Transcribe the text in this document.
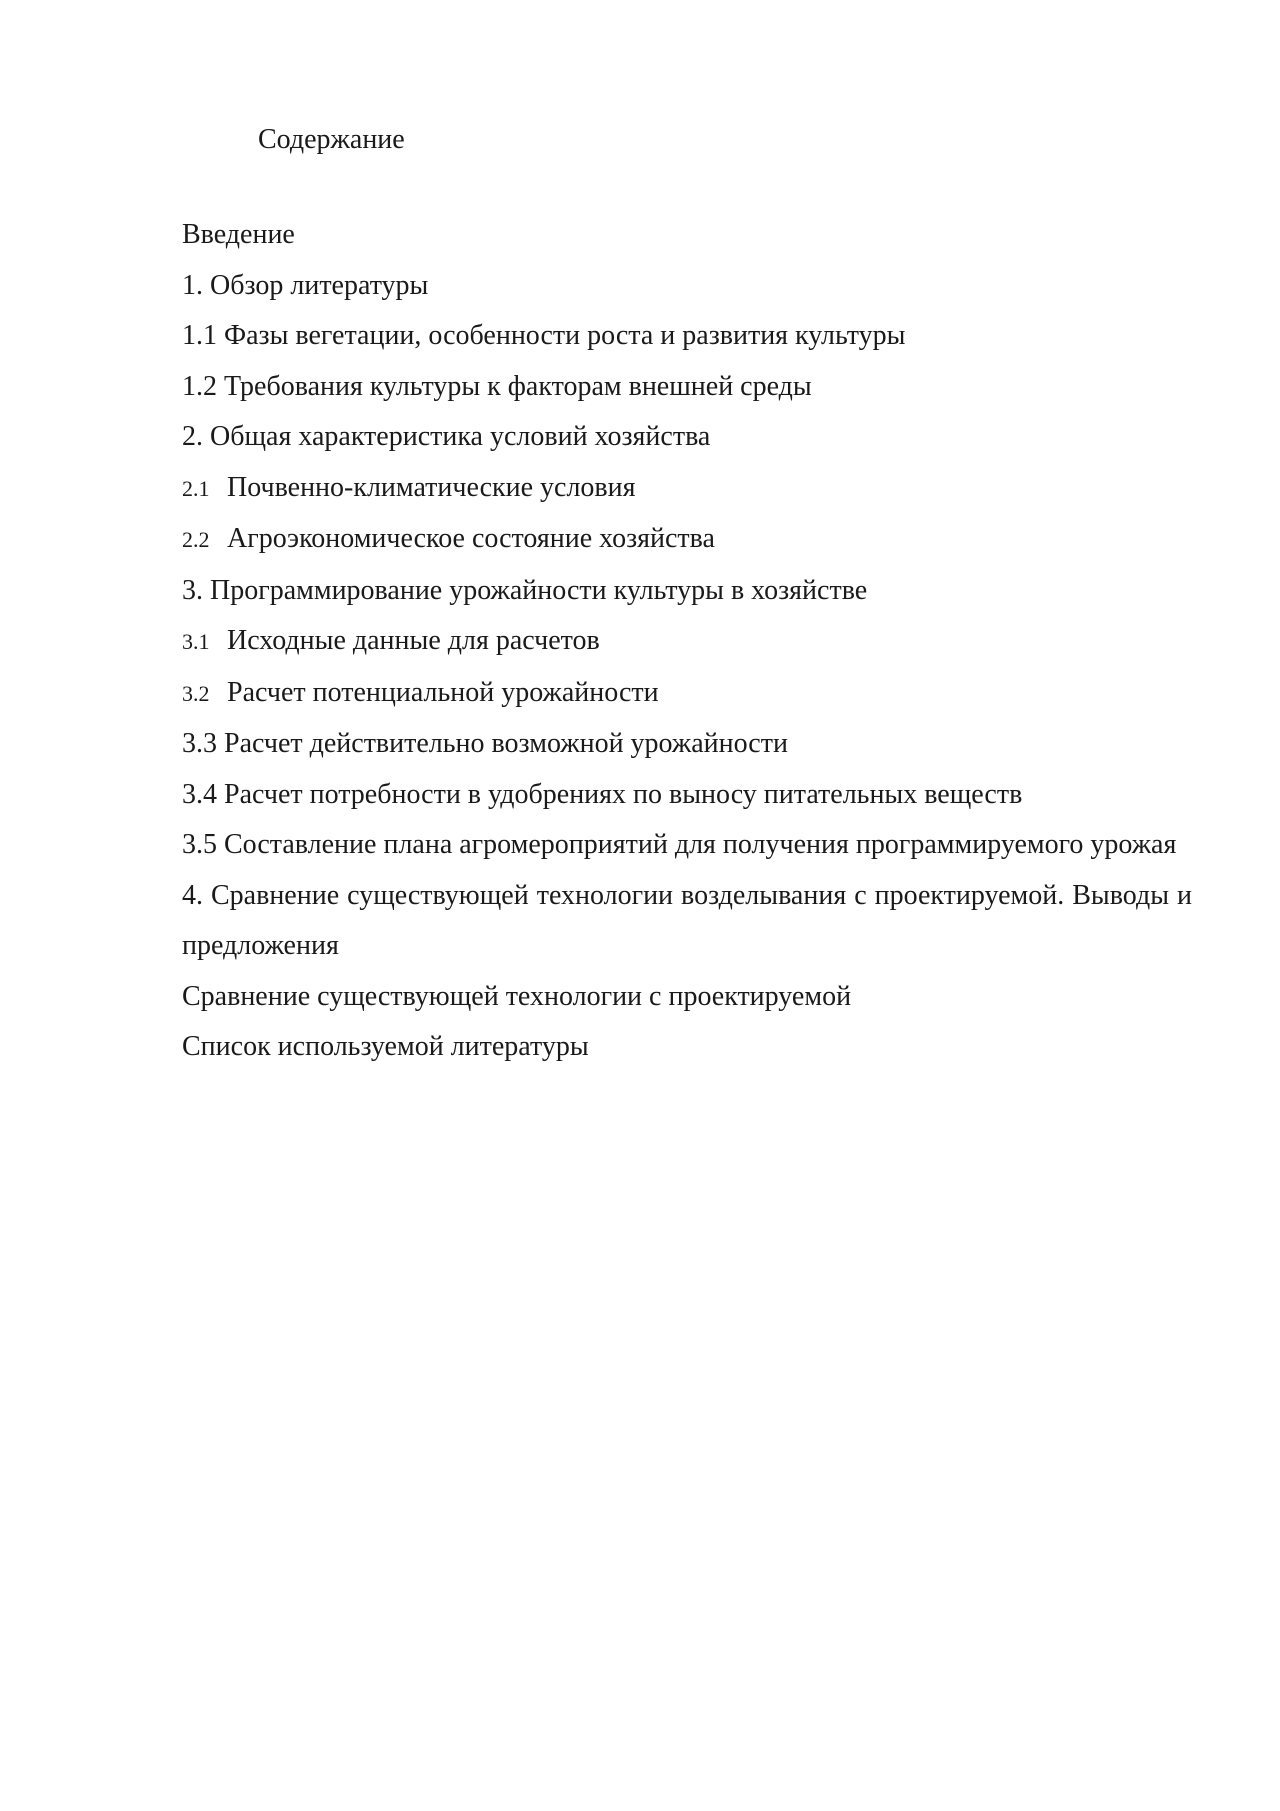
Содержание
Введение
1. Обзор литературы
1.1 Фазы вегетации, особенности роста и развития культуры
1.2 Требования культуры к факторам внешней среды
2. Общая характеристика условий хозяйства
2.1 Почвенно-климатические условия
2.2 Агроэкономическое состояние хозяйства
3. Программирование урожайности культуры в хозяйстве
3.1 Исходные данные для расчетов
3.2 Расчет потенциальной урожайности
3.3 Расчет действительно возможной урожайности
3.4 Расчет потребности в удобрениях по выносу питательных веществ
3.5 Составление плана агромероприятий для получения программируемого урожая
4. Сравнение существующей технологии возделывания с проектируемой. Выводы и предложения
Сравнение существующей технологии с проектируемой
Список используемой литературы
